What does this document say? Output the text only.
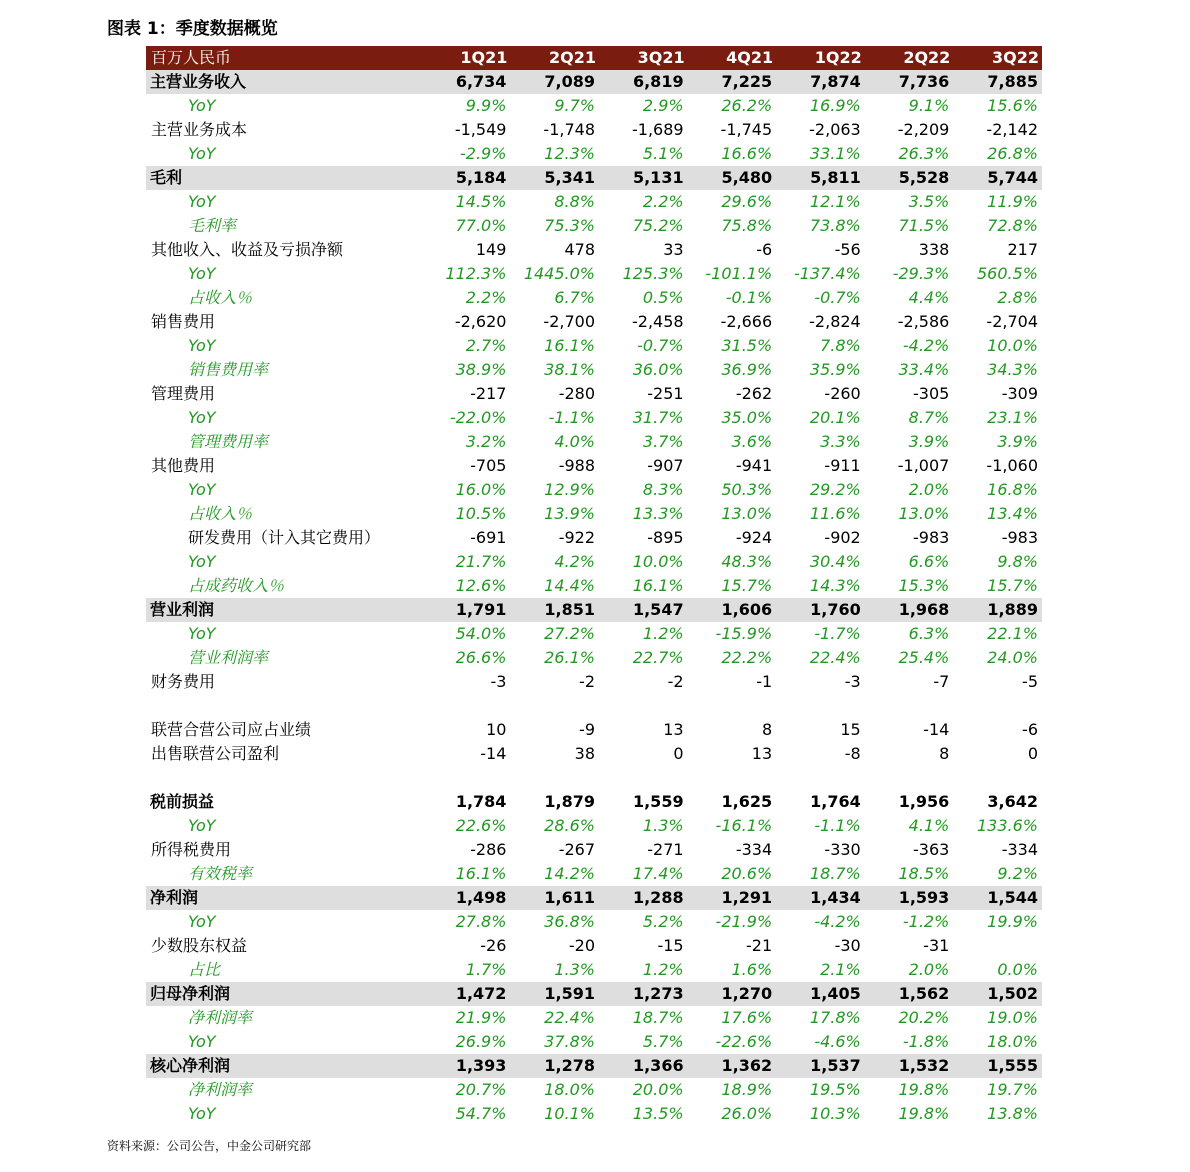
图表 1：季度数据概览
百万人民币	1Q21	2Q21	3Q21	4Q21	1Q22	2Q22	3Q22
主营业务收入	6,734	7,089	6,819	7,225	7,874	7,736	7,885
YoY	9.9%	9.7%	2.9%	26.2%	16.9%	9.1%	15.6%
主营业务成本	-1,549	-1,748	-1,689	-1,745	-2,063	-2,209	-2,142
YoY	-2.9%	12.3%	5.1%	16.6%	33.1%	26.3%	26.8%
毛利	5,184	5,341	5,131	5,480	5,811	5,528	5,744
YoY	14.5%	8.8%	2.2%	29.6%	12.1%	3.5%	11.9%
毛利率	77.0%	75.3%	75.2%	75.8%	73.8%	71.5%	72.8%
其他收入、收益及亏损净额	149	478	33	-6	-56	338	217
YoY	112.3%	1445.0%	125.3%	-101.1%	-137.4%	-29.3%	560.5%
占收入％	2.2%	6.7%	0.5%	-0.1%	-0.7%	4.4%	2.8%
销售费用	-2,620	-2,700	-2,458	-2,666	-2,824	-2,586	-2,704
YoY	2.7%	16.1%	-0.7%	31.5%	7.8%	-4.2%	10.0%
销售费用率	38.9%	38.1%	36.0%	36.9%	35.9%	33.4%	34.3%
管理费用	-217	-280	-251	-262	-260	-305	-309
YoY	-22.0%	-1.1%	31.7%	35.0%	20.1%	8.7%	23.1%
管理费用率	3.2%	4.0%	3.7%	3.6%	3.3%	3.9%	3.9%
其他费用	-705	-988	-907	-941	-911	-1,007	-1,060
YoY	16.0%	12.9%	8.3%	50.3%	29.2%	2.0%	16.8%
占收入％	10.5%	13.9%	13.3%	13.0%	11.6%	13.0%	13.4%
研发费用（计入其它费用）	-691	-922	-895	-924	-902	-983	-983
YoY	21.7%	4.2%	10.0%	48.3%	30.4%	6.6%	9.8%
占成药收入％	12.6%	14.4%	16.1%	15.7%	14.3%	15.3%	15.7%
营业利润	1,791	1,851	1,547	1,606	1,760	1,968	1,889
YoY	54.0%	27.2%	1.2%	-15.9%	-1.7%	6.3%	22.1%
营业利润率	26.6%	26.1%	22.7%	22.2%	22.4%	25.4%	24.0%
财务费用	-3	-2	-2	-1	-3	-7	-5

联营合营公司应占业绩	10	-9	13	8	15	-14	-6
出售联营公司盈利	-14	38	0	13	-8	8	0

税前损益	1,784	1,879	1,559	1,625	1,764	1,956	3,642
YoY	22.6%	28.6%	1.3%	-16.1%	-1.1%	4.1%	133.6%
所得税费用	-286	-267	-271	-334	-330	-363	-334
有效税率	16.1%	14.2%	17.4%	20.6%	18.7%	18.5%	9.2%
净利润	1,498	1,611	1,288	1,291	1,434	1,593	1,544
YoY	27.8%	36.8%	5.2%	-21.9%	-4.2%	-1.2%	19.9%
少数股东权益	-26	-20	-15	-21	-30	-31	
占比	1.7%	1.3%	1.2%	1.6%	2.1%	2.0%	0.0%
归母净利润	1,472	1,591	1,273	1,270	1,405	1,562	1,502
净利润率	21.9%	22.4%	18.7%	17.6%	17.8%	20.2%	19.0%
YoY	26.9%	37.8%	5.7%	-22.6%	-4.6%	-1.8%	18.0%
核心净利润	1,393	1,278	1,366	1,362	1,537	1,532	1,555
净利润率	20.7%	18.0%	20.0%	18.9%	19.5%	19.8%	19.7%
YoY	54.7%	10.1%	13.5%	26.0%	10.3%	19.8%	13.8%
资料来源：公司公告，中金公司研究部
